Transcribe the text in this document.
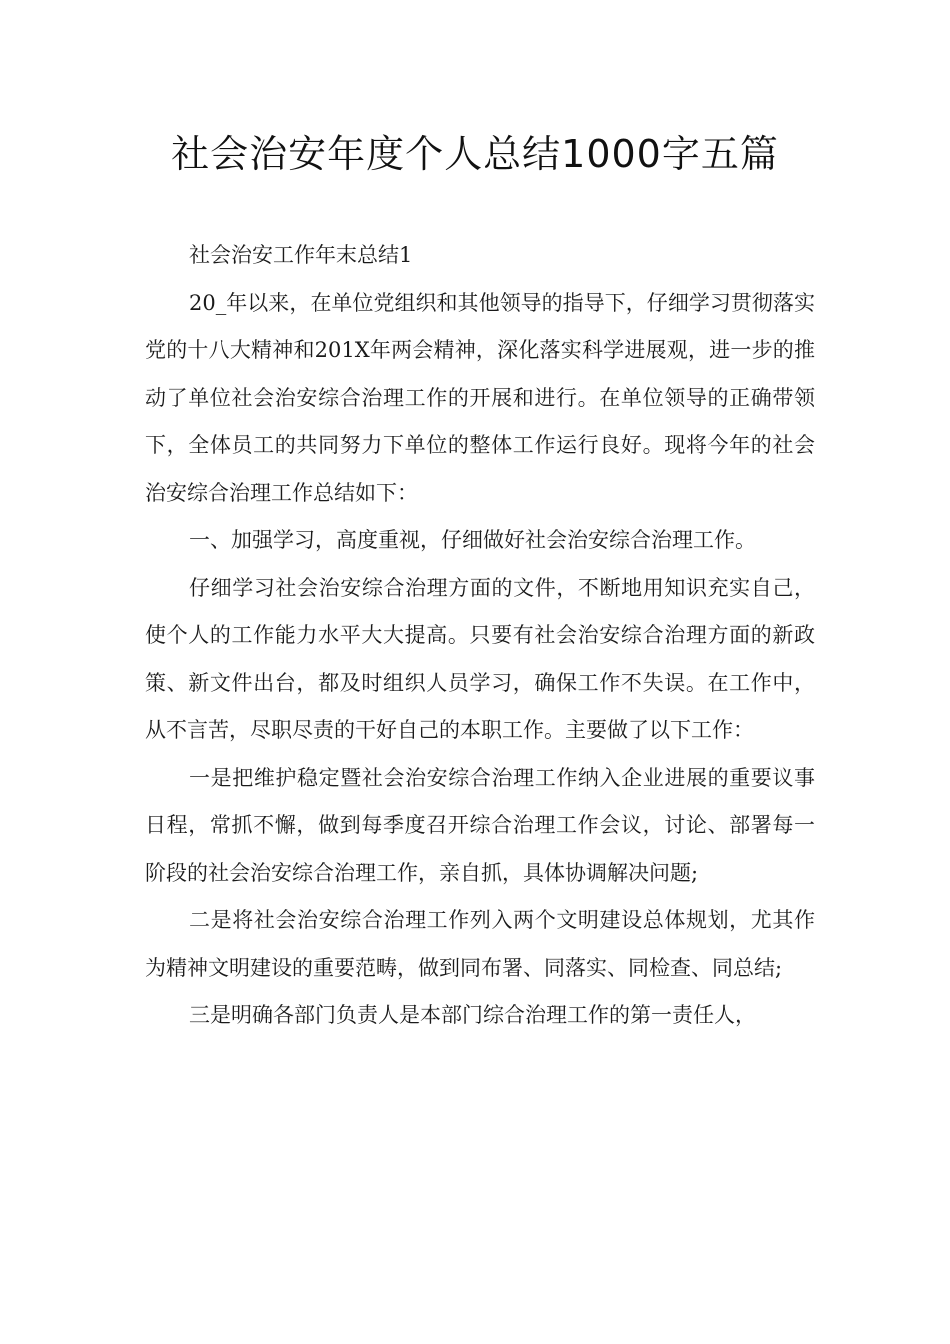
社会治安年度个人总结1000字五篇

社会治安工作年末总结1

20_年以来，在单位党组织和其他领导的指导下，仔细学习贯彻落实党的十八大精神和201X年两会精神，深化落实科学进展观，进一步的推动了单位社会治安综合治理工作的开展和进行。在单位领导的正确带领下，全体员工的共同努力下单位的整体工作运行良好。现将今年的社会治安综合治理工作总结如下：

一、加强学习，高度重视，仔细做好社会治安综合治理工作。

仔细学习社会治安综合治理方面的文件，不断地用知识充实自己，使个人的工作能力水平大大提高。只要有社会治安综合治理方面的新政策、新文件出台，都及时组织人员学习，确保工作不失误。在工作中，从不言苦，尽职尽责的干好自己的本职工作。主要做了以下工作：

一是把维护稳定暨社会治安综合治理工作纳入企业进展的重要议事日程，常抓不懈，做到每季度召开综合治理工作会议，讨论、部署每一阶段的社会治安综合治理工作，亲自抓，具体协调解决问题;

二是将社会治安综合治理工作列入两个文明建设总体规划，尤其作为精神文明建设的重要范畴，做到同布署、同落实、同检查、同总结;

三是明确各部门负责人是本部门综合治理工作的第一责任人，
